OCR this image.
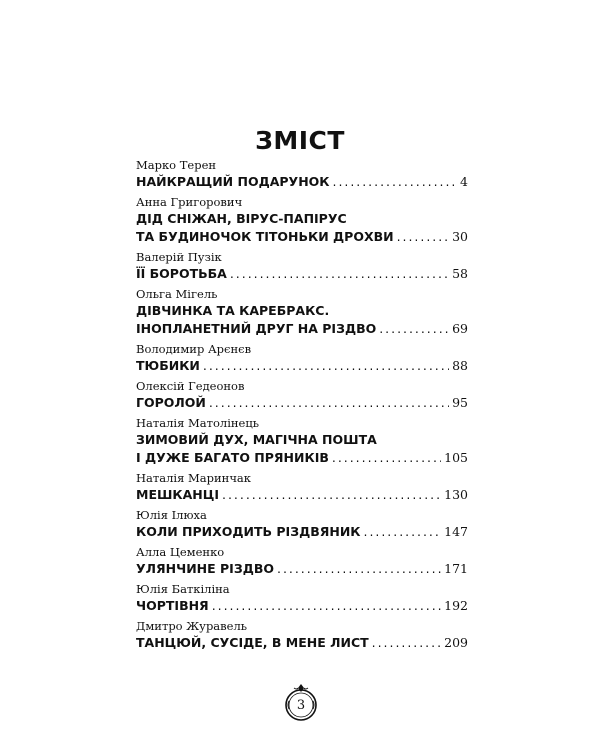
ЗМІСТ
Марко Терен
НАЙКРАЩИЙ ПОДАРУНОК . . .	4
Анна Григорович
ДІД СНІЖАН, ВІРУС-ПАПІРУС
ТА БУДИНОЧОК ТІТОНЬКИ ДРОХВИ . . .	30
Валерій Пузік
ЇЇ БОРОТЬБА . . .	58
Ольга Мігель
ДІВЧИНКА ТА КАРЕБРАКС.
ІНОПЛАНЕТНИЙ ДРУГ НА РІЗДВО . . .	69
Володимир Арєнєв
ТЮБИКИ . . .	88
Олексій Гедеонов
ГОРОЛОЙ . . .	95
Наталія Матолінець
ЗИМОВИЙ ДУХ, МАГІЧНА ПОШТА
І ДУЖЕ БАГАТО ПРЯНИКІВ . . .	105
Наталія Маринчак
МЕШКАНЦІ . . .	130
Юлія Ілюха
КОЛИ ПРИХОДИТЬ РІЗДВЯНИК . . .	147
Алла Цеменко
УЛЯНЧИНЕ РІЗДВО . . .	171
Юлія Баткіліна
ЧОРТІВНЯ . . .	192
Дмитро Журавель
ТАНЦЮЙ, СУСІДЕ, В МЕНЕ ЛИСТ . . .	209
3
